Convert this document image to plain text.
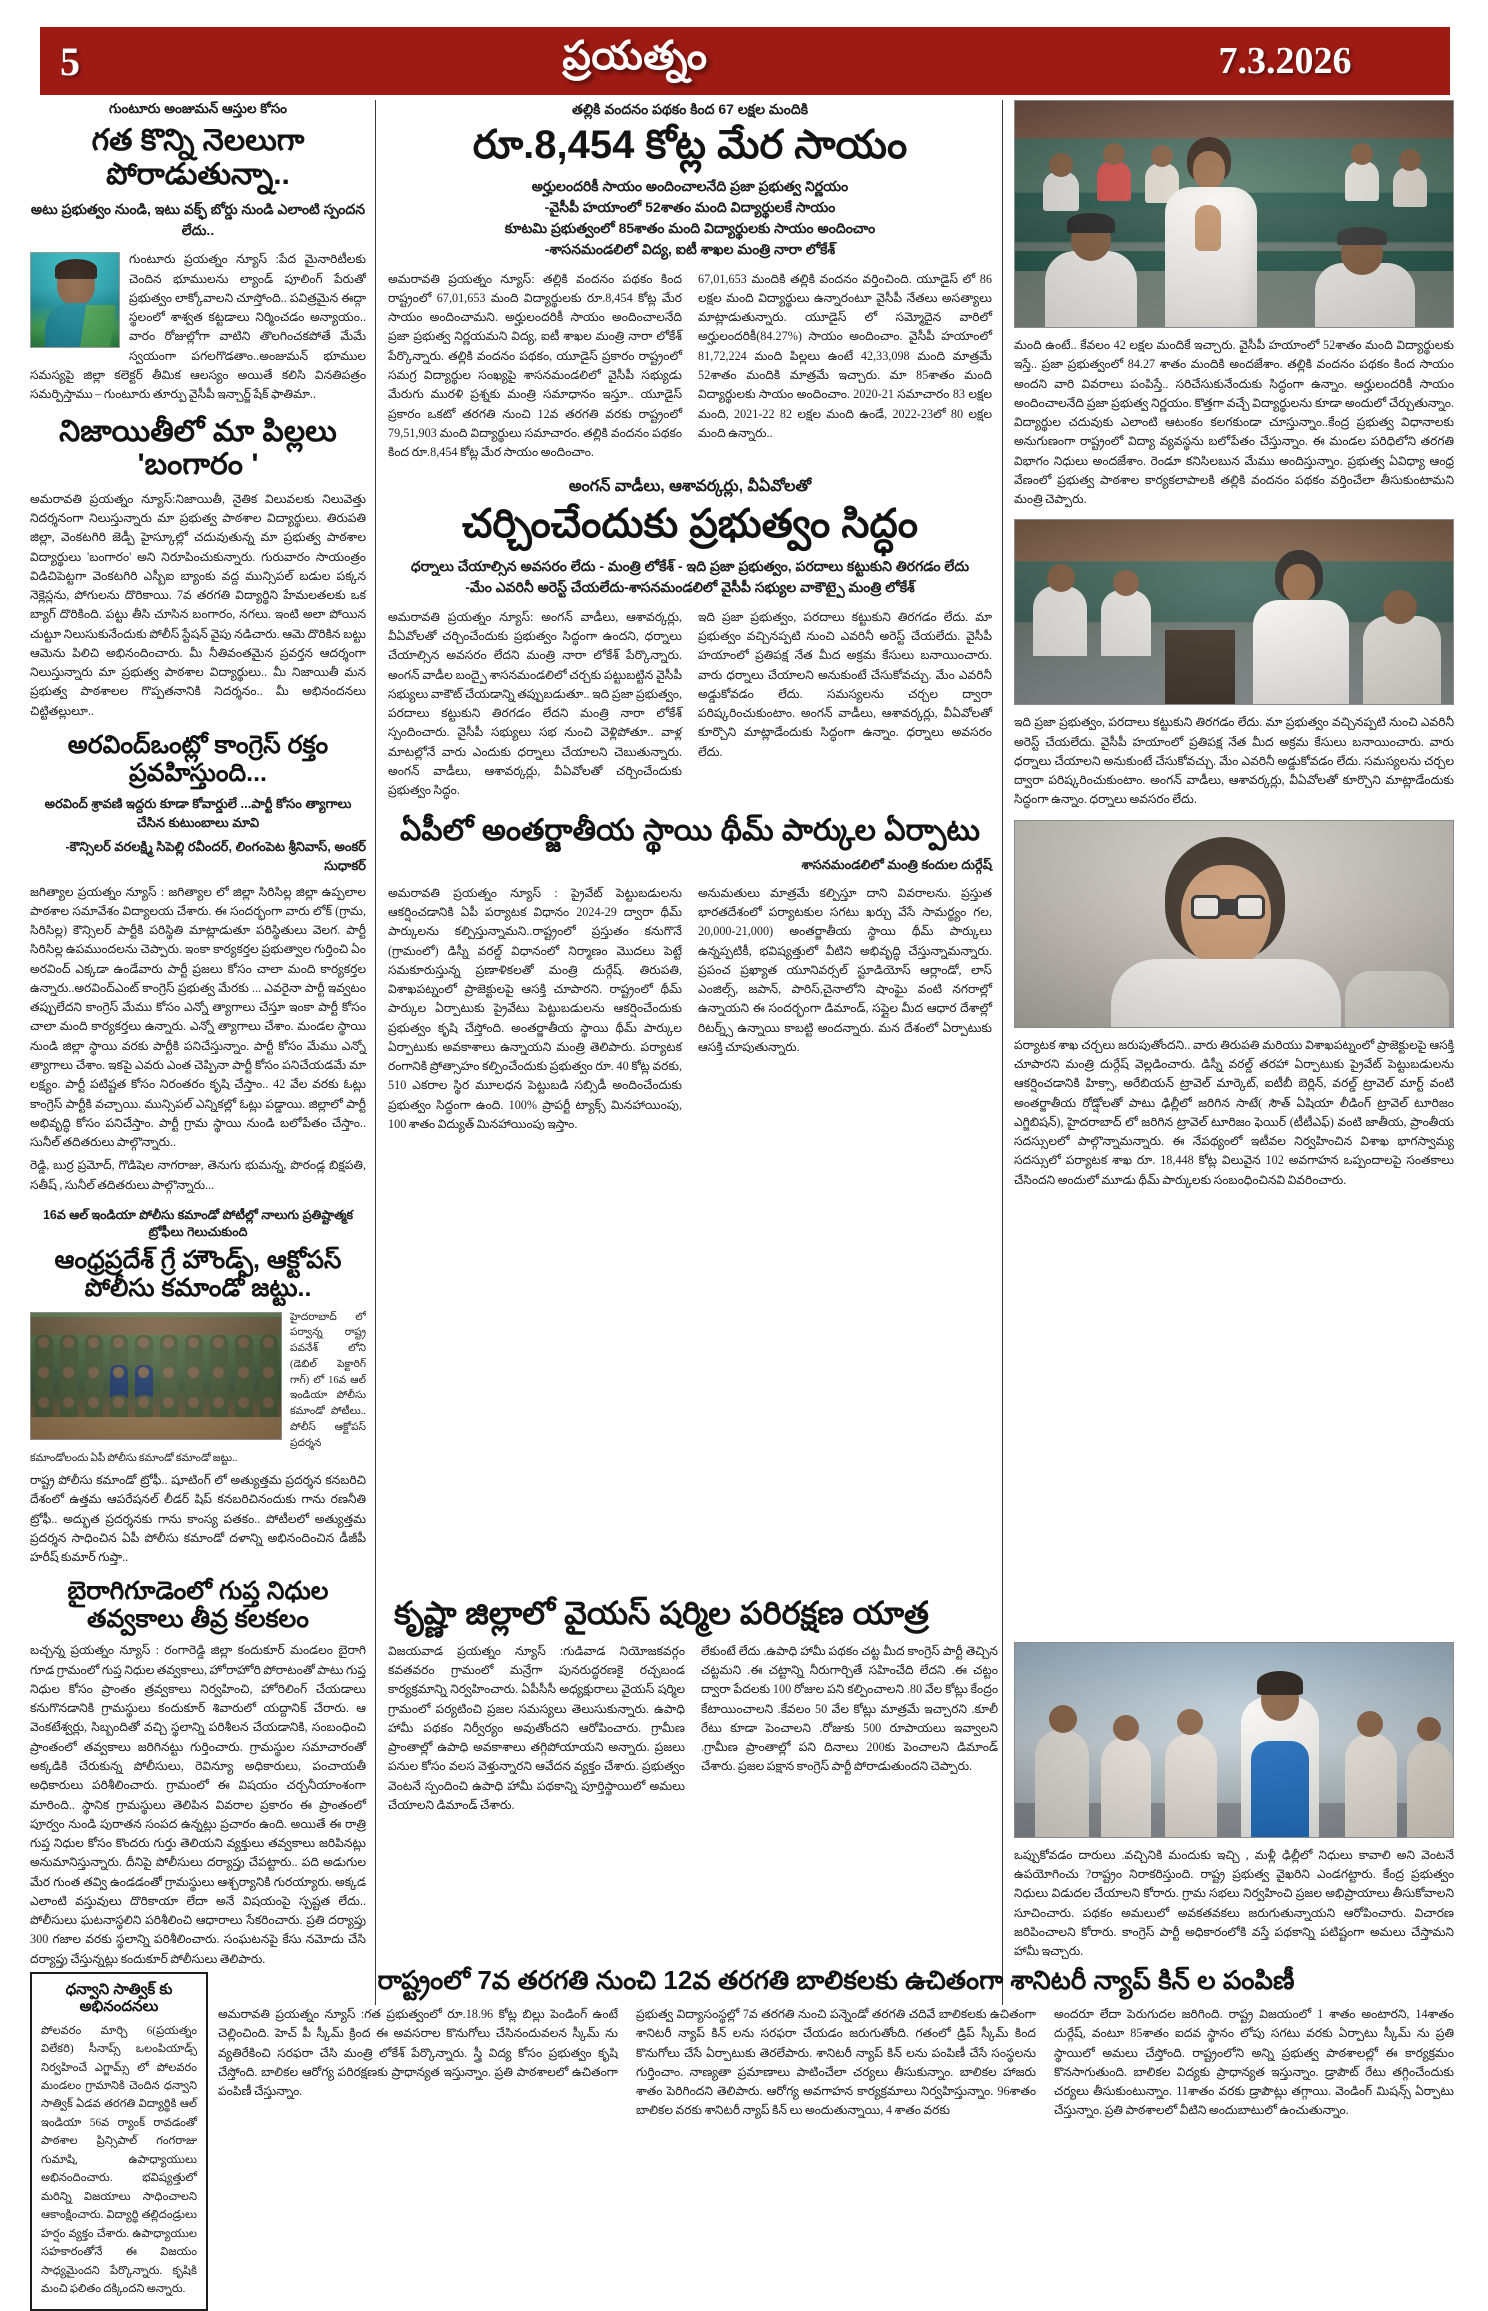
5	ప్రయత్నం	7.3.2026
గుంటూరు అంజుమన్ ఆస్తుల కోసం
గత కొన్ని నెలలుగా పోరాడుతున్నా..
అటు ప్రభుత్వం నుండి, ఇటు వక్ఫ్ బోర్డు నుండి ఎలాంటి స్పందన లేదు..
గుంటూరు ప్రయత్నం న్యూస్ :పేద మైనారిటీలకు చెందిన భూములను ల్యాండ్ పూలింగ్ పేరుతో ప్రభుత్వం లాక్కోవాలని చూస్తోంది.. పవిత్రమైన ఈద్గా స్థలంలో శాశ్వత కట్టడాలు నిర్మించడం అన్యాయం.. వారం రోజుల్లోగా వాటిని తొలగించకపోతే మేమే స్వయంగా పగలగొడతాం..అంజుమన్ భూముల సమస్యపై జిల్లా కలెక్టర్ తీమిక ఆలస్యం అయితే కలిసి వినతిపత్రం సమర్పిస్తాము – గుంటూరు తూర్పు వైసీపీ ఇన్చార్జ్ షేక్ ఫాతిమా..
నిజాయితీలో మా పిల్లలు 'బంగారం '
అమరావతి ప్రయత్నం న్యూస్:నిజాయితీ, నైతిక విలువలకు నిలువెత్తు నిదర్శనంగా నిలుస్తున్నారు మా ప్రభుత్వ పాఠశాల విద్యార్థులు. తిరుపతి జిల్లా, వెంకటగిరి జెడ్పీ హైస్కూల్లో చదువుతున్న మా ప్రభుత్వ పాఠశాల విద్యార్థులు 'బంగారం' అని నిరూపించుకున్నారు. గురువారం సాయంత్రం విడిచిపెట్టగా వెంకటగిరి ఎస్బీఐ బ్యాంకు వద్ద మున్సిపల్ బడుల పక్కన నెక్లెస్లను, పోగులను దొరికాయి. 7వ తరగతి విద్యార్థిని హేమలతలకు ఒక బ్యాగ్ దొరికింది. పట్టు తీసి చూసిన బంగారం, నగలు. ఇంటి అలా పోయిన చుట్టూ నిలుసుకునేందుకు పోలీస్ స్టేషన్ వైపు నడిచారు. ఆమె దొరికిన బట్టు ఆమెను పిలిచి అభినందించారు. మీ నీతివంతమైన ప్రవర్తన ఆదర్శంగా నిలుస్తున్నారు మా ప్రభుత్వ పాఠశాల విద్యార్థులు.. మీ నిజాయితీ మన ప్రభుత్వ పాఠశాలల గొప్పతనానికి నిదర్శనం.. మీ అభినందనలు చిట్టితల్లులూ..
అరవింద్ఒంట్లో కాంగ్రెస్ రక్తం ప్రవహిస్తుంది...
అరవింద్ శ్రావణి ఇద్దరు కూడా కోవార్డులే ...పార్టీ కోసం త్యాగాలు చేసిన కుటుంబాలు మావి
-కౌన్సిలర్ వరలక్ష్మి సిపెల్లి రవీందర్, లింగంపెట శ్రీనివాస్, అంకర్ సుధాకర్
జగిత్యాల ప్రయత్నం న్యూస్ : జగిత్యాల లో జిల్లా సిరిసిల్ల జిల్లా ఉప్పలాల పాఠశాల సమావేశం విద్యాలయ చేశారు. ఈ సందర్భంగా వారు లోక్ (గ్రామ, సిరిసిల్ల) కౌన్సిలర్ పార్టీకి పరిస్థితి మాట్లాడుతూ పరిస్థితులు వెలగ. పార్టీ సిరిసిల్ల ఉపముందలను చెప్పారు. ఇంకా కార్యకర్తల ప్రభుత్వాల గుర్తించి ఏం అరవింద్ ఎక్కడా ఉండేవారు పార్టీ ప్రజలు కోసం చాలా మంది కార్యకర్తల ఉన్నారు..అరవింద్ఎంట్ కాంగ్రెస్ ప్రభుత్వ మేరకు ... ఎవరైనా పార్టీ ఇవ్వటం తప్పులేదని కాంగ్రెస్ మేము కోసం ఎన్నో త్యాగాలు చేస్తూ ఇంకా పార్టీ కోసం చాలా మంది కార్యకర్తలు ఉన్నారు. ఎన్నో త్యాగాలు చేశాం. మండల స్థాయి నుండి జిల్లా స్థాయి వరకు పార్టీకి పనిచేస్తున్నాం. పార్టీ కోసం మేము ఎన్నో త్యాగాలు చేశాం. ఇకపై ఎవరు ఎంత చెప్పినా పార్టీ కోసం పనిచేయడమే మా లక్ష్యం. పార్టీ పటిష్టత కోసం నిరంతరం కృషి చేస్తాం.. 42 వేల వరకు ఓట్లు కాంగ్రెస్ పార్టీకి వచ్చాయి. మున్సిపల్ ఎన్నికల్లో ఓట్లు పడ్డాయి. జిల్లాలో పార్టీ అభివృద్ధి కోసం పనిచేస్తాం. పార్టీ గ్రామ స్థాయి నుండి బలోపేతం చేస్తాం.. సునీల్ తదితరులు పాల్గొన్నారు..
రెడ్డి, బుర్ర ప్రమోద్, గొడిషెల నాగరాజు, తెనుగు భుమన్న, పొరండ్ల బిక్షపతి, సతీష్ , సునీల్ తదితరులు పాల్గొన్నారు...
16వ ఆల్ ఇండియా పోలీసు కమాండో పోటీల్లో నాలుగు ప్రతిష్టాత్మక ట్రోఫీలు గెలుచుకుంది
ఆంధ్రప్రదేశ్ గ్రే హౌండ్స్, ఆక్టోపస్ పోలీసు కమాండో జట్టు..
హైదరాబాద్ లో పర్వాన్న రాష్ట్ర పవనేశ్ లోని (డెబిల్ పెక్టారిగ్ గాగ్) లో 16వ ఆల్ ఇండియా పోలీసు కమాండో పోటీలు.. పోలీస్ ఆక్టోపస్ ప్రదర్శన కమాండోలందు ఏపీ పోలీసు కమాండో కమాండో జట్టు..
రాష్ట్ర పోలీసు కమాండో ట్రోఫీ.. షూటింగ్ లో అత్యుత్తమ ప్రదర్శన కనబరిచి దేశంలో ఉత్తమ ఆపరేషనల్ లీడర్ షిప్ కనబరిచినందుకు గాను రణనీతి ట్రోఫీ.. అద్భుత ప్రదర్శనకు గాను కాంస్య పతకం.. పోటీలలో అత్యుత్తమ ప్రదర్శన సాధించిన ఏపీ పోలీసు కమాండో దళాన్ని అభినందించిన డీజీపీ హరీష్ కుమార్ గుప్తా..
బైరాగిగూడెంలో గుప్త నిధుల తవ్వకాలు తీవ్ర కలకలం
బచ్చన్న ప్రయత్నం న్యూస్ : రంగారెడ్డి జిల్లా కందుకూర్ మండలం బైరాగి గూడ గ్రామంలో గుప్త నిధుల తవ్వకాలు, హోరాహోరి పోరాటంతో పాటు గుప్త నిధుల కోసం ప్రాంతం త్రవ్వకాలు నిర్వహించి, హోరిలింగ్ చేయడాలు కనుగొనడానికి గ్రామస్థులు కందుకూర్ శివారులో యద్దానిక్ చేరారు. ఆ వెంకటేశ్వర్లు, సిబ్బందితో వచ్చి స్థలాన్ని పరిశీలన చేయడానికి, సంబంధించి ప్రాంతంలో తవ్వకాలు జరిగినట్టు గుర్తించారు. గ్రామస్థుల సమాచారంతో అక్కడికి చేరుకున్న పోలీసులు, రెవిన్యూ అధికారులు, పంచాయతీ అధికారులు పరిశీలించారు. గ్రామంలో ఈ విషయం చర్చనీయాంశంగా మారింది.. స్థానిక గ్రామస్థులు తెలిపిన వివరాల ప్రకారం ఈ ప్రాంతంలో పూర్వం నుండి పురాతన సంపద ఉన్నట్లు ప్రచారం ఉంది. అయితే ఈ రాత్రి గుప్త నిధుల కోసం కొందరు గుర్తు తెలియని వ్యక్తులు తవ్వకాలు జరిపినట్లు అనుమానిస్తున్నారు. దీనిపై పోలీసులు దర్యాప్తు చేపట్టారు.. పది అడుగుల మేర గుంత తవ్వి ఉండడంతో గ్రామస్థులు ఆశ్చర్యానికి గురయ్యారు. అక్కడ ఎలాంటి వస్తువులు దొరికాయా లేదా అనే విషయంపై స్పష్టత లేదు.. పోలీసులు ఘటనాస్థలిని పరిశీలించి ఆధారాలు సేకరించారు. ప్రతి దర్యాప్తు 300 గజాల వరకు స్థలాన్ని పరిశీలించారు. సంఘటనపై కేసు నమోదు చేసి దర్యాప్తు చేస్తున్నట్లు కందుకూర్ పోలీసులు తెలిపారు.
ధన్వాని సాత్విక్ కు అభినందనలు
పోలవరం మార్చి 6(ప్రయత్నం విలేకరి) సీనాప్స్ ఒలంపియాడ్స్ నిర్వహించే ఎగ్జామ్స్ లో పోలవరం మండలం గ్రామానికి చెందిన ధన్వాని సాత్విక్ ఏడవ తరగతి విద్యార్థికి ఆల్ ఇండియా 56వ ర్యాంక్ రావడంతో పాఠశాల ప్రిన్సిపాల్ గంగరాజు గుమాషి, ఉపాధ్యాయులు అభినందించారు. భవిష్యత్తులో మరిన్ని విజయాలు సాధించాలని ఆకాంక్షించారు. విద్యార్థి తల్లిదండ్రులు హర్షం వ్యక్తం చేశారు. ఉపాధ్యాయుల సహకారంతోనే ఈ విజయం సాధ్యమైందని పేర్కొన్నారు. కృషికి మంచి ఫలితం దక్కిందని అన్నారు.
తల్లికి వందనం పథకం కింద 67 లక్షల మందికి
రూ.8,454 కోట్ల మేర సాయం
అర్హులందరికీ సాయం అందించాలనేది ప్రజా ప్రభుత్వ నిర్ణయం
-వైసీపీ హయాంలో 52శాతం మంది విద్యార్థులకే సాయం
కూటమి ప్రభుత్వంలో 85శాతం మంది విద్యార్థులకు సాయం అందించాం
-శాసనమండలిలో విద్య, ఐటీ శాఖల మంత్రి నారా లోకేశ్
అమరావతి ప్రయత్నం న్యూస్: తల్లికి వందనం పథకం కింద రాష్ట్రంలో 67,01,653 మంది విద్యార్థులకు రూ.8,454 కోట్ల మేర సాయం అందించామని. అర్హులందరికీ సాయం అందించాలనేది ప్రజా ప్రభుత్వ నిర్ణయమని విద్య, ఐటీ శాఖల మంత్రి నారా లోకేశ్ పేర్కొన్నారు. తల్లికి వందనం పథకం, యూడైస్ ప్రకారం రాష్ట్రంలో సమగ్ర విద్యార్థుల సంఖ్యపై శాసనమండలిలో వైసీపీ సభ్యుడు మేరుగు మురళి ప్రశ్నకు మంత్రి సమాధానం ఇస్తూ.. యూడైస్ ప్రకారం ఒకటో తరగతి నుంచి 12వ తరగతి వరకు రాష్ట్రంలో 79,51,903 మంది విద్యార్థులు సమాచారం. తల్లికి వందనం పథకం కింద రూ.8,454 కోట్ల మేర సాయం అందించాం.
67,01,653 మందికి తల్లికి వందనం వర్తించింది. యూడైస్ లో 86 లక్షల మంది విద్యార్థులు ఉన్నారంటూ వైసీపీ నేతలు అసత్యాలు మాట్లాడుతున్నారు. యూడైస్ లో సమ్మోదైన వారిలో అర్హులందరికీ(84.27%) సాయం అందించాం. వైసీపీ హయాంలో 81,72,224 మంది పిల్లలు ఉంటే 42,33,098 మంది మాత్రమే 52శాతం మందికి మాత్రమే ఇచ్చారు. మా 85శాతం మంది విద్యార్థులకు సాయం అందించాం. 2020-21 సమాచారం 83 లక్షల మంది, 2021-22 82 లక్షల మంది ఉండే, 2022-23లో 80 లక్షల మంది ఉన్నారు..
అంగన్ వాడీలు, ఆశావర్కర్లు, వీఏవోలతో
చర్చించేందుకు ప్రభుత్వం సిద్ధం
ధర్నాలు చేయాల్సిన అవసరం లేదు - మంత్రి లోకేశ్ - ఇది ప్రజా ప్రభుత్వం, పరదాలు కట్టుకుని తిరగడం లేదు
-మేం ఎవరినీ అరెస్ట్ చేయలేదు-శాసనమండలిలో వైసీపీ సభ్యుల వాకౌట్పై మంత్రి లోకేశ్
అమరావతి ప్రయత్నం న్యూస్: అంగన్ వాడీలు, ఆశావర్కర్లు, వీఏవోలతో చర్చించేందుకు ప్రభుత్వం సిద్ధంగా ఉందని, ధర్నాలు చేయాల్సిన అవసరం లేదని మంత్రి నారా లోకేశ్ పేర్కొన్నారు. అంగన్ వాడీల బంద్పై శాసనమండలిలో చర్చకు పట్టుబట్టిన వైసీపీ సభ్యులు వాకౌట్ చేయడాన్ని తప్పుబడుతూ.. ఇది ప్రజా ప్రభుత్వం, పరదాలు కట్టుకుని తిరగడం లేదని మంత్రి నారా లోకేశ్ స్పందించారు. వైసీపీ సభ్యులు సభ నుంచి వెళ్లిపోతూ.. వాళ్ల మాటల్లోనే వారు ఎందుకు ధర్నాలు చేయాలని చెబుతున్నారు. అంగన్ వాడీలు, ఆశావర్కర్లు, వీఏవోలతో చర్చించేందుకు ప్రభుత్వం సిద్ధం.
ఇది ప్రజా ప్రభుత్వం, పరదాలు కట్టుకుని తిరగడం లేదు. మా ప్రభుత్వం వచ్చినప్పటి నుంచి ఎవరినీ అరెస్ట్ చేయలేదు. వైసీపీ హయాంలో ప్రతిపక్ష నేత మీద అక్రమ కేసులు బనాయించారు. వారు ధర్నాలు చేయాలని అనుకుంటే చేసుకోవచ్చు. మేం ఎవరినీ అడ్డుకోవడం లేదు. సమస్యలను చర్చల ద్వారా పరిష్కరించుకుంటాం. అంగన్ వాడీలు, ఆశావర్కర్లు, వీఏవోలతో కూర్చొని మాట్లాడేందుకు సిద్ధంగా ఉన్నాం. ధర్నాలు అవసరం లేదు.
ఏపీలో అంతర్జాతీయ స్థాయి థీమ్ పార్కుల ఏర్పాటు
శాసనమండలిలో మంత్రి కందుల దుర్గేష్
అమరావతి ప్రయత్నం న్యూస్ : ప్రైవేట్ పెట్టుబడులను ఆకర్షించడానికి ఏపీ పర్యాటక విధానం 2024-29 ద్వారా థీమ్ పార్కులను కల్పిస్తున్నామని..రాష్ట్రంలో ప్రస్తుతం కనుగొనే (గ్రామంలో) డిస్నీ వరల్డ్ విధానంలో నిర్మాణం మొదలు పెట్టే సమకూరుస్తున్న ప్రణాళికలతో మంత్రి దుర్గేష్. తిరుపతి, విశాఖపట్నంలో ప్రాజెక్టులపై ఆసక్తి చూపారని. రాష్ట్రంలో థీమ్ పార్కుల ఏర్పాటుకు ప్రైవేటు పెట్టుబడులను ఆకర్షించేందుకు ప్రభుత్వం కృషి చేస్తోంది. అంతర్జాతీయ స్థాయి థీమ్ పార్కుల ఏర్పాటుకు అవకాశాలు ఉన్నాయని మంత్రి తెలిపారు. పర్యాటక రంగానికి ప్రోత్సాహం కల్పించేందుకు ప్రభుత్వం రూ. 40 కోట్ల వరకు, 510 ఎకరాల స్థిర మూలధన పెట్టుబడి సబ్సిడీ అందించేందుకు ప్రభుత్వం సిద్ధంగా ఉంది. 100% ప్రాపర్టీ ట్యాక్స్ మినహాయింపు, 100 శాతం విద్యుత్ మినహాయింపు ఇస్తాం.
అనుమతులు మాత్రమే కల్పిస్తూ దాని వివరాలను. ప్రస్తుత భారతదేశంలో పర్యాటకుల సగటు ఖర్చు వేసే సామర్థ్యం గల, 20,000-21,000) అంతర్జాతీయ స్థాయి థీమ్ పార్కులు ఉన్నప్పటికీ, భవిష్యత్తులో వీటిని అభివృద్ధి చేస్తున్నామన్నారు. ప్రపంచ ప్రఖ్యాత యూనివర్సల్ స్టూడియోస్ ఆర్లాండో, లాస్ ఎంజిల్స్, జపాన్, పారిస్,చైనాలోని షాంఘై వంటి నగరాల్లో ఉన్నాయని ఈ సందర్భంగా డిమాండ్, సప్లైల మీద ఆధార దేశాల్లో రిటర్న్స్ ఉన్నాయి కాబట్టి అందన్నారు. మన దేశంలో ఏర్పాటుకు ఆసక్తి చూపుతున్నారు.
మంది ఉంటే.. కేవలం 42 లక్షల మందికే ఇచ్చారు. వైసీపీ హయాంలో 52శాతం మంది విద్యార్థులకు ఇస్తే.. ప్రజా ప్రభుత్వంలో 84.27 శాతం మందికి అందజేశాం. తల్లికి వందనం పథకం కింద సాయం అందని వారి వివరాలు పంపిస్తే.. సరిచేసుకునేందుకు సిద్ధంగా ఉన్నాం. అర్హులందరికీ సాయం అందించాలనేది ప్రజా ప్రభుత్వ నిర్ణయం. కొత్తగా వచ్చే విద్యార్థులను కూడా అందులో చేర్చుతున్నాం. విద్యార్థుల చదువుకు ఎలాంటి ఆటంకం కలగకుండా చూస్తున్నాం..కేంద్ర ప్రభుత్వ విధానాలకు అనుగుణంగా రాష్ట్రంలో విద్యా వ్యవస్థను బలోపేతం చేస్తున్నాం. ఈ మండల పరిధిలోని తరగతి విభాగం నిధులు అందజేశాం. రెండూ కనిసిలబున మేము అందిస్తున్నాం. ప్రభుత్వ ఏవిధ్యా ఆంధ్ర వేణంలో ప్రభుత్వ పాఠశాల కార్యకలాపాలకి తల్లికి వందనం పథకం వర్తించేలా తీసుకుంటామని మంత్రి చెప్పారు.
ఇది ప్రజా ప్రభుత్వం, పరదాలు కట్టుకుని తిరగడం లేదు. మా ప్రభుత్వం వచ్చినప్పటి నుంచి ఎవరినీ అరెస్ట్ చేయలేదు. వైసీపీ హయాంలో ప్రతిపక్ష నేత మీద అక్రమ కేసులు బనాయించారు. వారు ధర్నాలు చేయాలని అనుకుంటే చేసుకోవచ్చు. మేం ఎవరినీ అడ్డుకోవడం లేదు. సమస్యలను చర్చల ద్వారా పరిష్కరించుకుంటాం. అంగన్ వాడీలు, ఆశావర్కర్లు, వీఏవోలతో కూర్చొని మాట్లాడేందుకు సిద్ధంగా ఉన్నాం. ధర్నాలు అవసరం లేదు.
పర్యాటక శాఖ చర్చలు జరుపుతోందని.. వారు తిరుపతి మరియు విశాఖపట్నంలో ప్రాజెక్టులపై ఆసక్తి చూపారని మంత్రి దుర్గేష్ వెల్లడించారు. డిస్నీ వరల్డ్ తరహా ఏర్పాటుకు ప్రైవేట్ పెట్టుబడులను ఆకర్షించడానికి హిక్సా, అరేబియన్ ట్రావెల్ మార్కెట్, ఐటీబీ బెర్లిన్, వరల్డ్ ట్రావెల్ మార్ట్ వంటి అంతర్జాతీయ రోడ్షోలతో పాటు ఢిల్లీలో జరిగిన సాటే( సౌత్ ఏషియా లీడింగ్ ట్రావెల్ టూరిజం ఎగ్జిబిషన్), హైదరాబాద్ లో జరిగిన ట్రావెల్ టూరిజం ఫెయిర్ (టీటీఎఫ్) వంటి జాతీయ, ప్రాంతీయ సదస్సులలో పాల్గొన్నామన్నారు. ఈ నేపథ్యంలో ఇటీవల నిర్వహించిన విశాఖ భాగస్వామ్య సదస్సులో పర్యాటక శాఖ రూ. 18,448 కోట్ల విలువైన 102 అవగాహన ఒప్పందాలపై సంతకాలు చేసిందని అందులో మూడు థీమ్ పార్కులకు సంబంధించినవి వివరించారు.
కృష్ణా జిల్లాలో వైయస్ షర్మిల పరిరక్షణ యాత్ర
విజయవాడ ప్రయత్నం న్యూస్ :గుడివాడ నియోజకవర్గం కవతవరం గ్రామంలో మన్రేగా పునరుద్ధరణకై రచ్చబండ కార్యక్రమాన్ని నిర్వహించారు. ఏపీసీసీ అధ్యక్షురాలు వైయస్ షర్మిల గ్రామంలో పర్యటించి ప్రజల సమస్యలు తెలుసుకున్నారు. ఉపాధి హామీ పథకం నిర్వీర్యం అవుతోందని ఆరోపించారు. గ్రామీణ ప్రాంతాల్లో ఉపాధి అవకాశాలు తగ్గిపోయాయని అన్నారు. ప్రజలు పనుల కోసం వలస వెళ్తున్నారని ఆవేదన వ్యక్తం చేశారు. ప్రభుత్వం వెంటనే స్పందించి ఉపాధి హామీ పథకాన్ని పూర్తిస్థాయిలో అమలు చేయాలని డిమాండ్ చేశారు.
లేకుంటే లేదు .ఉపాధి హామీ పథకం చట్ట మీద కాంగ్రెస్ పార్టీ తెచ్చిన చట్టమని .ఈ చట్టాన్ని నీరుగార్చితే సహించేది లేదని .ఈ చట్టం ద్వారా పేదలకు 100 రోజుల పని కల్పించాలని .80 వేల కోట్లు కేంద్రం కేటాయించాలని .కేవలం 50 వేల కోట్లు మాత్రమే ఇచ్చారని .కూలీ రేటు కూడా పెంచాలని .రోజుకు 500 రూపాయలు ఇవ్వాలని .గ్రామీణ ప్రాంతాల్లో పని దినాలు 200కు పెంచాలని డిమాండ్ చేశారు. ప్రజల పక్షాన కాంగ్రెస్ పార్టీ పోరాడుతుందని చెప్పారు.
ఒప్పుకోవడం దారులు .వచ్చినికి మందుకు ఇచ్చి , మళ్లీ ఢిల్లీలో నిధులు కావాలి అని వెంటనే ఉపయోగించు ?రాష్ట్రం నిరాకరిస్తుంది. రాష్ట్ర ప్రభుత్వ వైఖరిని ఎండగట్టారు. కేంద్ర ప్రభుత్వం నిధులు విడుదల చేయాలని కోరారు. గ్రామ సభలు నిర్వహించి ప్రజల అభిప్రాయాలు తీసుకోవాలని సూచించారు. పథకం అమలులో అవకతవకలు జరుగుతున్నాయని ఆరోపించారు. విచారణ జరిపించాలని కోరారు. కాంగ్రెస్ పార్టీ అధికారంలోకి వస్తే పథకాన్ని పటిష్టంగా అమలు చేస్తామని హామీ ఇచ్చారు.
రాష్ట్రంలో 7వ తరగతి నుంచి 12వ తరగతి బాలికలకు ఉచితంగా శానిటరీ న్యాప్ కిన్ ల పంపిణీ
అమరావతి ప్రయత్నం న్యూస్ :గత ప్రభుత్వంలో రూ.18.96 కోట్ల బిల్లు పెండింగ్ ఉంటే చెల్లించింది. హెచ్ పీ స్కీమ్ క్రింద ఈ అవసరాల కొనుగోలు చేసినందువలన స్కీమ్ ను వ్యతిరేకించి సరఫరా చేసి మంత్రి లోకేశ్ పేర్కొన్నారు. స్త్రీ విద్య కోసం ప్రభుత్వం కృషి చేస్తోంది. బాలికల ఆరోగ్య పరిరక్షణకు ప్రాధాన్యత ఇస్తున్నాం. ప్రతి పాఠశాలలో ఉచితంగా పంపిణీ చేస్తున్నాం.
ప్రభుత్వ విద్యాసంస్థల్లో 7వ తరగతి నుంచి పన్నెండో తరగతి చదివే బాలికలకు ఉచితంగా శానిటరీ న్యాప్ కిన్ లను సరఫరా చేయడం జరుగుతోంది. గతంలో డ్రిప్ స్కీమ్ కింద కొనుగోలు చేసే ఏర్పాటుకు తెరలేపారు. శానిటరీ న్యాప్ కిన్ లను పంపిణీ చేసే సంస్థలను గుర్తించాం. నాణ్యతా ప్రమాణాలు పాటించేలా చర్యలు తీసుకున్నాం. బాలికల హాజరు శాతం పెరిగిందని తెలిపారు. ఆరోగ్య అవగాహన కార్యక్రమాలు నిర్వహిస్తున్నాం. 96శాతం బాలికల వరకు శానిటరీ న్యాప్ కిన్ లు అందుతున్నాయి, 4 శాతం వరకు
అందరూ లేదా పెరుగుదల జరిగింది. రాష్ట్ర విజయంలో 1 శాతం అంటారని, 14శాతం దుర్గేష్, వంటూ 85శాతం ఐదవ స్థానం లోపు సగటు వరకు ఏర్పాటు స్కీమ్ ను ప్రతి స్థాయిలో అమలు చేస్తోంది. రాష్ట్రంలోని అన్ని ప్రభుత్వ పాఠశాలల్లో ఈ కార్యక్రమం కొనసాగుతుంది. బాలికల విద్యకు ప్రాధాన్యత ఇస్తున్నాం. డ్రాపౌట్ రేటు తగ్గించేందుకు చర్యలు తీసుకుంటున్నాం. 11శాతం వరకు డ్రాపౌట్లు తగ్గాయి. వెండింగ్ మిషన్స్ ఏర్పాటు చేస్తున్నాం. ప్రతి పాఠశాలలో వీటిని అందుబాటులో ఉంచుతున్నాం.
